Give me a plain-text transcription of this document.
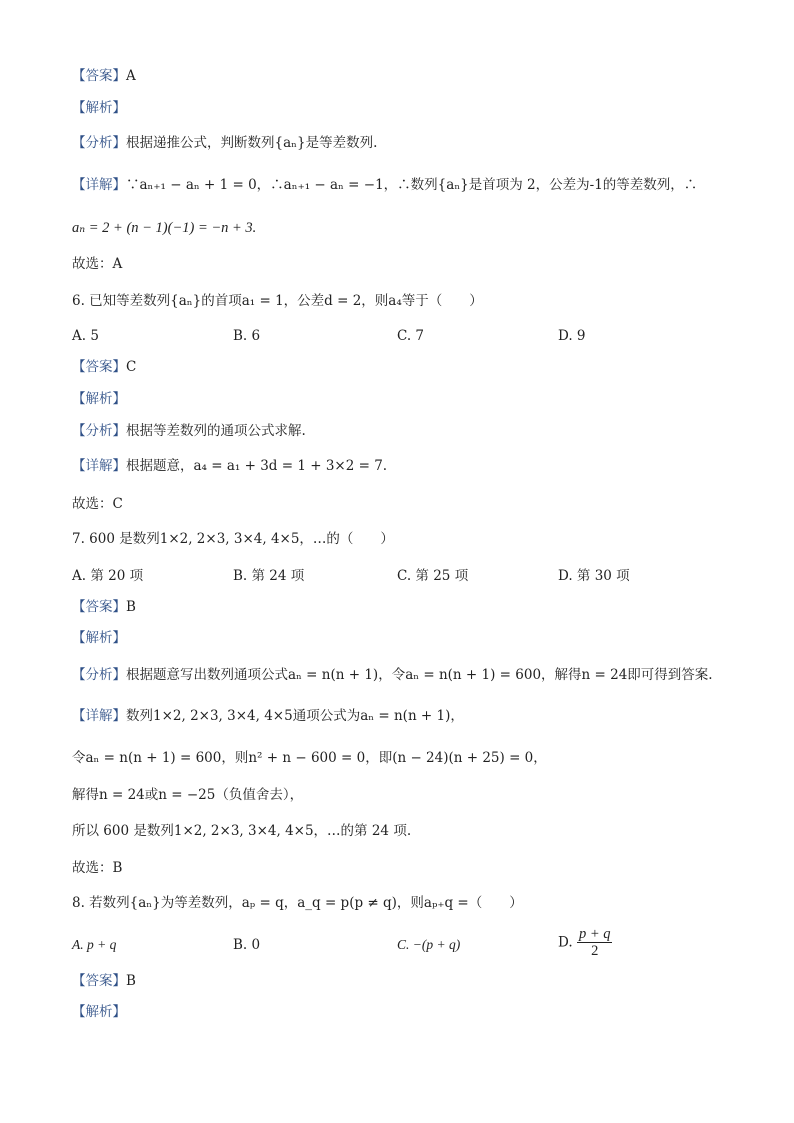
【答案】A
【解析】
【分析】根据递推公式，判断数列{aₙ}是等差数列.
【详解】∵aₙ₊₁ − aₙ + 1 = 0，∴aₙ₊₁ − aₙ = −1，∴数列{aₙ}是首项为 2，公差为-1的等差数列，∴
aₙ = 2 + (n − 1)(−1) = −n + 3.
故选：A
6. 已知等差数列{aₙ}的首项a₁ = 1，公差d = 2，则a₄等于（　　）
A. 5	B. 6	C. 7	D. 9
【答案】C
【解析】
【分析】根据等差数列的通项公式求解.
【详解】根据题意，a₄ = a₁ + 3d = 1 + 3×2 = 7.
故选：C
7. 600 是数列1×2, 2×3, 3×4, 4×5，…的（　　）
A. 第 20 项	B. 第 24 项	C. 第 25 项	D. 第 30 项
【答案】B
【解析】
【分析】根据题意写出数列通项公式aₙ = n(n + 1)，令aₙ = n(n + 1) = 600，解得n = 24即可得到答案.
【详解】数列1×2, 2×3, 3×4, 4×5通项公式为aₙ = n(n + 1)，
令aₙ = n(n + 1) = 600，则n² + n − 600 = 0，即(n − 24)(n + 25) = 0，
解得n = 24或n = −25（负值舍去），
所以 600 是数列1×2, 2×3, 3×4, 4×5，…的第 24 项.
故选：B
8. 若数列{aₙ}为等差数列，aₚ = q，a_q = p(p ≠ q)，则aₚ₊q =（　　）
A. p + q	B. 0	C. −(p + q)	D. $\frac{p + q}{2}$
【答案】B
【解析】
